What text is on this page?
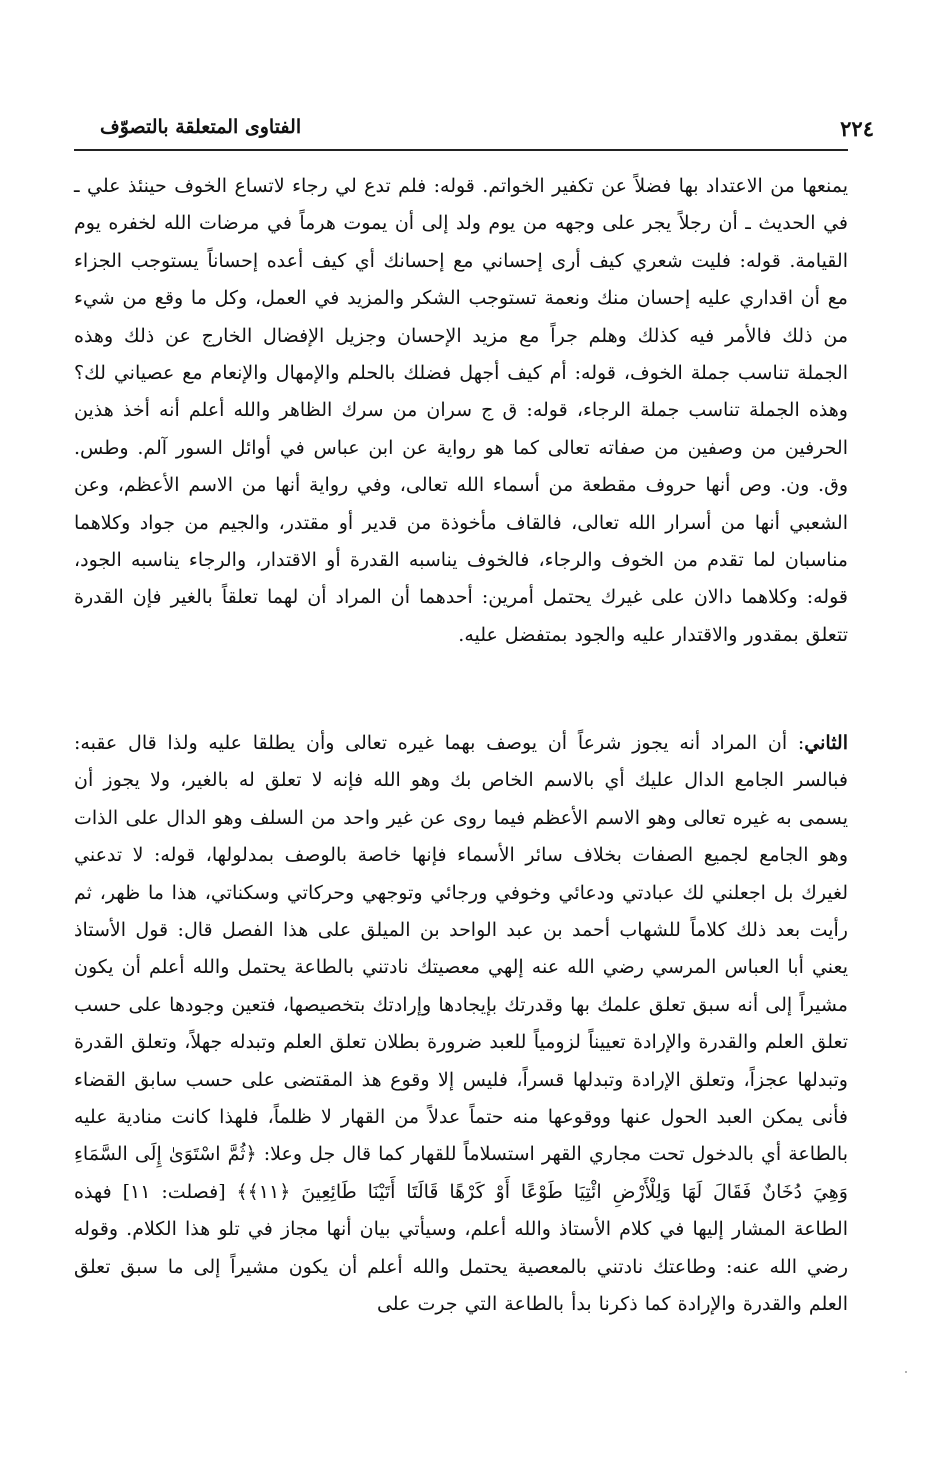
٢٢٤
الفتاوى المتعلقة بالتصوّف
يمنعها من الاعتداد بها فضلاً عن تكفير الخواتم. قوله: فلم تدع لي رجاء لاتساع الخوف حينئذ علي ـ في الحديث ـ أن رجلاً يجر على وجهه من يوم ولد إلى أن يموت هرماً في مرضات الله لخفره يوم القيامة. قوله: فليت شعري كيف أرى إحساني مع إحسانك أي كيف أعده إحساناً يستوجب الجزاء مع أن اقداري عليه إحسان منك ونعمة تستوجب الشكر والمزيد في العمل، وكل ما وقع من شيء من ذلك فالأمر فيه كذلك وهلم جراً مع مزيد الإحسان وجزيل الإفضال الخارج عن ذلك وهذه الجملة تناسب جملة الخوف، قوله: أم كيف أجهل فضلك بالحلم والإمهال والإنعام مع عصياني لك؟ وهذه الجملة تناسب جملة الرجاء، قوله: ق ج سران من سرك الظاهر والله أعلم أنه أخذ هذين الحرفين من وصفين من صفاته تعالى كما هو رواية عن ابن عباس في أوائل السور آلم. وطس. وق. ون. وص أنها حروف مقطعة من أسماء الله تعالى، وفي رواية أنها من الاسم الأعظم، وعن الشعبي أنها من أسرار الله تعالى، فالقاف مأخوذة من قدير أو مقتدر، والجيم من جواد وكلاهما مناسبان لما تقدم من الخوف والرجاء، فالخوف يناسبه القدرة أو الاقتدار، والرجاء يناسبه الجود، قوله: وكلاهما دالان على غيرك يحتمل أمرين: أحدهما أن المراد أن لهما تعلقاً بالغير فإن القدرة تتعلق بمقدور والاقتدار عليه والجود بمتفضل عليه.
الثاني: أن المراد أنه يجوز شرعاً أن يوصف بهما غيره تعالى وأن يطلقا عليه ولذا قال عقبه: فبالسر الجامع الدال عليك أي بالاسم الخاص بك وهو الله فإنه لا تعلق له بالغير، ولا يجوز أن يسمى به غيره تعالى وهو الاسم الأعظم فيما روى عن غير واحد من السلف وهو الدال على الذات وهو الجامع لجميع الصفات بخلاف سائر الأسماء فإنها خاصة بالوصف بمدلولها، قوله: لا تدعني لغيرك بل اجعلني لك عبادتي ودعائي وخوفي ورجائي وتوجهي وحركاتي وسكناتي، هذا ما ظهر، ثم رأيت بعد ذلك كلاماً للشهاب أحمد بن عبد الواحد بن الميلق على هذا الفصل قال: قول الأستاذ يعني أبا العباس المرسي رضي الله عنه إلهي معصيتك نادتني بالطاعة يحتمل والله أعلم أن يكون مشيراً إلى أنه سبق تعلق علمك بها وقدرتك بإيجادها وإرادتك بتخصيصها، فتعين وجودها على حسب تعلق العلم والقدرة والإرادة تعييناً لزومياً للعبد ضرورة بطلان تعلق العلم وتبدله جهلاً، وتعلق القدرة وتبدلها عجزاً، وتعلق الإرادة وتبدلها قسراً، فليس إلا وقوع هذ المقتضى على حسب سابق القضاء فأنى يمكن العبد الحول عنها ووقوعها منه حتماً عدلاً من القهار لا ظلماً، فلهذا كانت منادية عليه بالطاعة أي بالدخول تحت مجاري القهر استسلاماً للقهار كما قال جل وعلا: ﴿ثُمَّ اسْتَوَىٰ إِلَى السَّمَاءِ وَهِيَ دُخَانٌ فَقَالَ لَهَا وَلِلْأَرْضِ ائْتِيَا طَوْعًا أَوْ كَرْهًا قَالَتَا أَتَيْنَا طَائِعِينَ ﴿١١﴾﴾ [فصلت: ١١] فهذه الطاعة المشار إليها في كلام الأستاذ والله أعلم، وسيأتي بيان أنها مجاز في تلو هذا الكلام. وقوله رضي الله عنه: وطاعتك نادتني بالمعصية يحتمل والله أعلم أن يكون مشيراً إلى ما سبق تعلق العلم والقدرة والإرادة كما ذكرنا بدأ بالطاعة التي جرت على
